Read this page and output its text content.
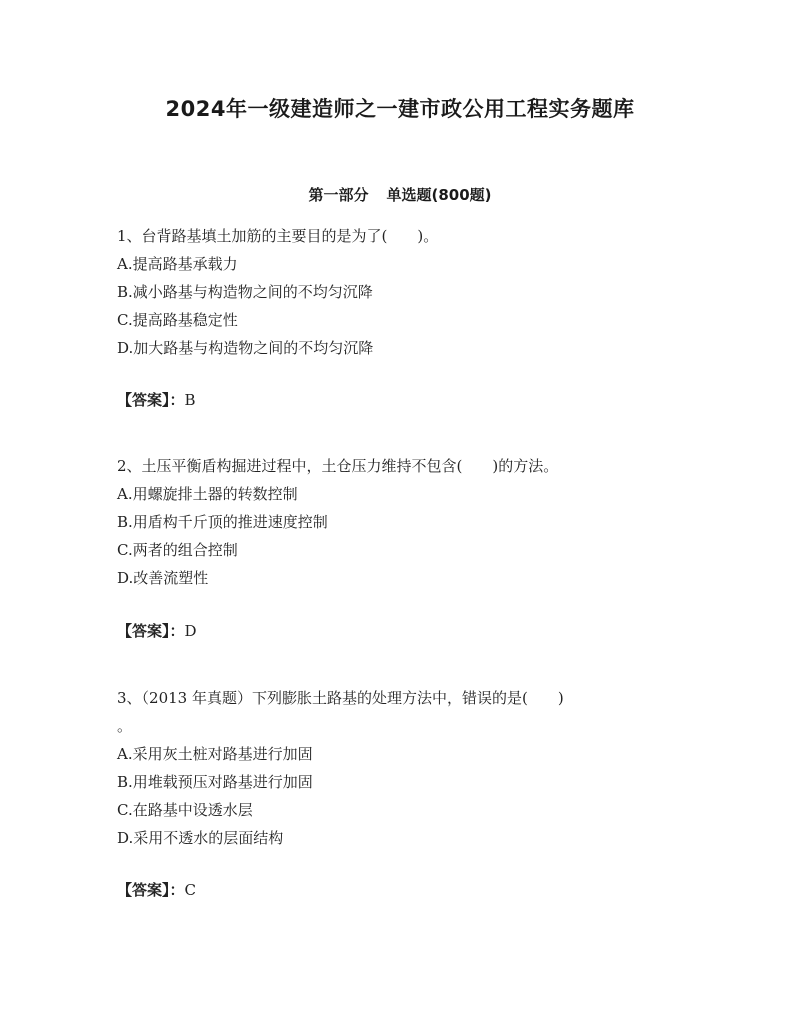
2024年一级建造师之一建市政公用工程实务题库
第一部分 单选题(800题)
1、台背路基填土加筋的主要目的是为了(　　)。
A.提高路基承载力
B.减小路基与构造物之间的不均匀沉降
C.提高路基稳定性
D.加大路基与构造物之间的不均匀沉降
【答案】：B
2、土压平衡盾构掘进过程中，土仓压力维持不包含(　　)的方法。
A.用螺旋排土器的转数控制
B.用盾构千斤顶的推进速度控制
C.两者的组合控制
D.改善流塑性
【答案】：D
3、（2013 年真题）下列膨胀土路基的处理方法中，错误的是(　　)
。
A.采用灰土桩对路基进行加固
B.用堆载预压对路基进行加固
C.在路基中设透水层
D.采用不透水的层面结构
【答案】：C
